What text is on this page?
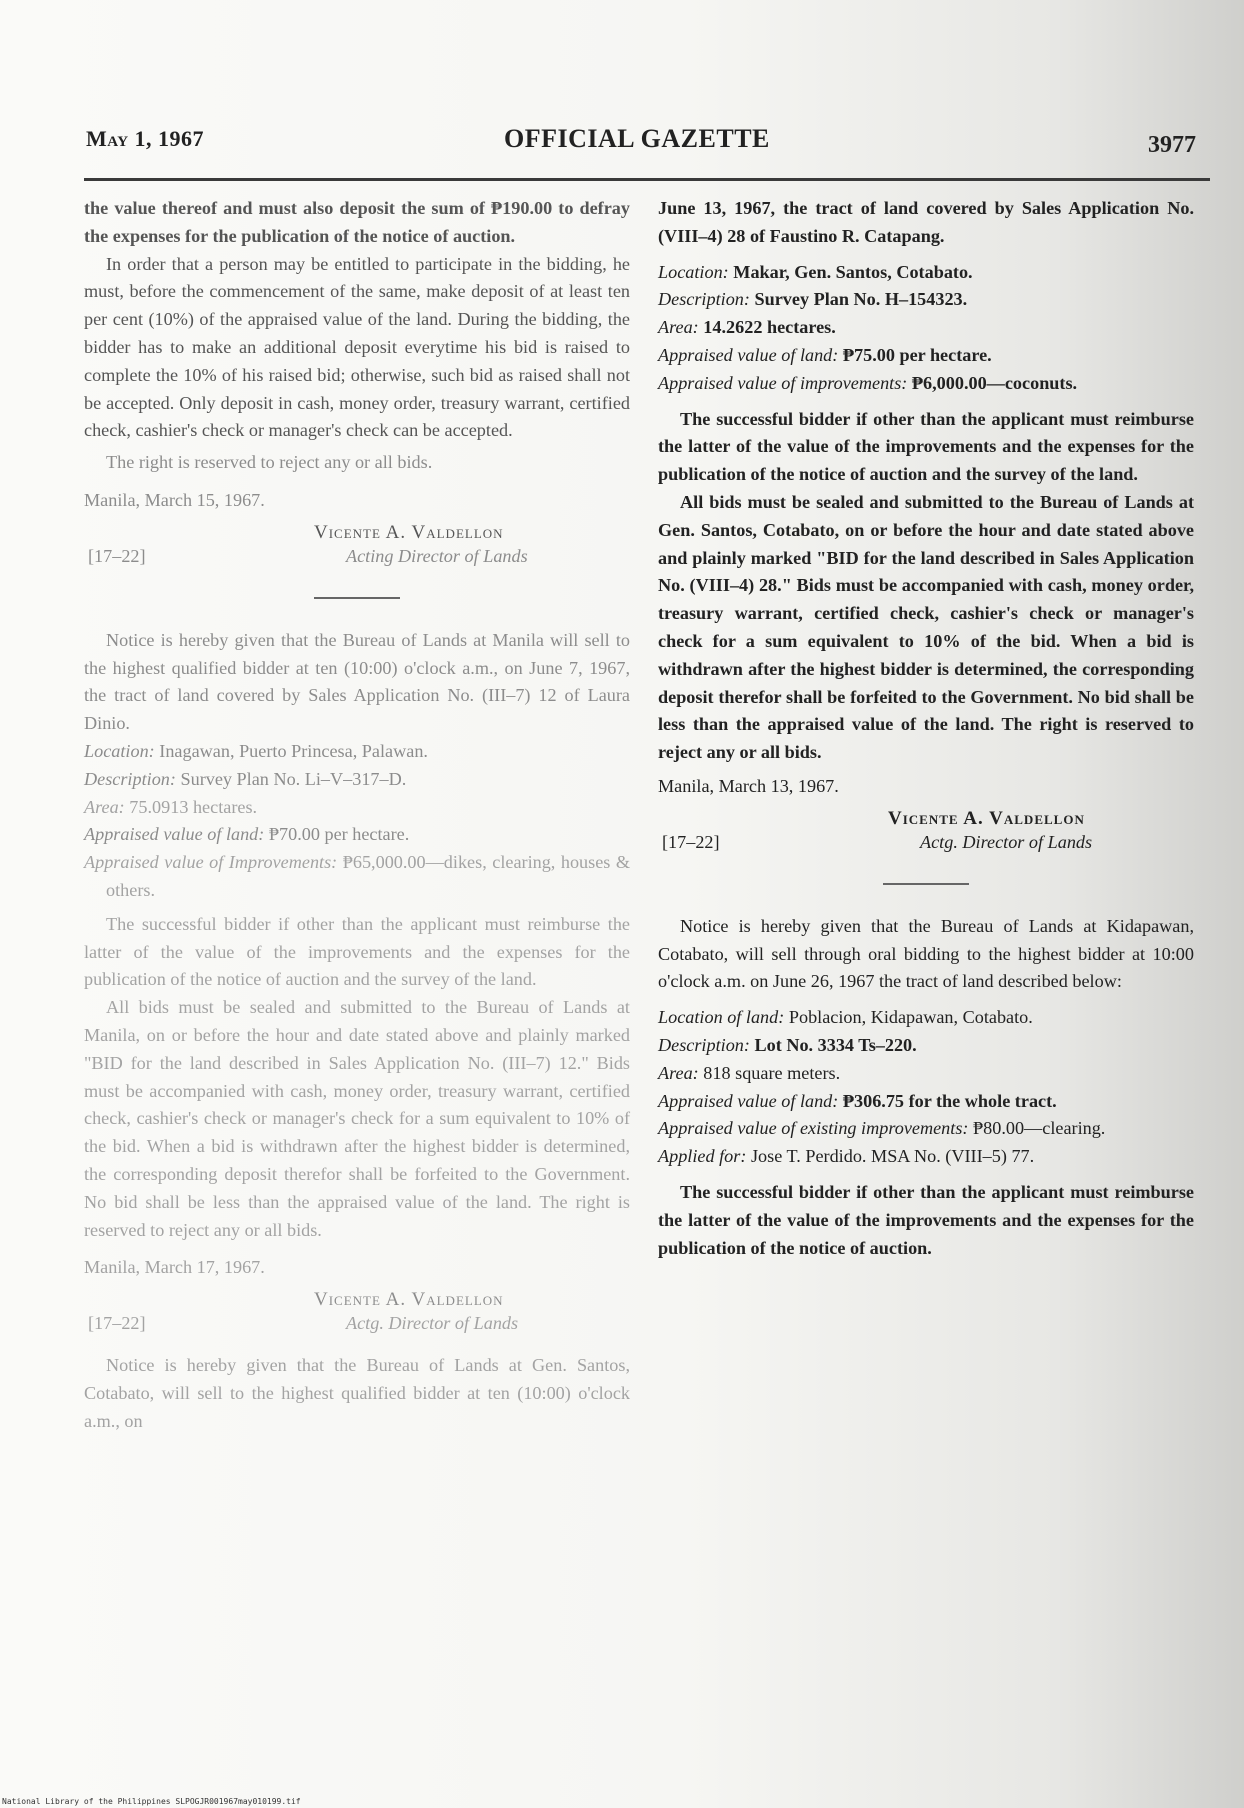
May 1, 1967	OFFICIAL GAZETTE	3977

the value thereof and must also deposit the sum of ₱190.00 to defray the expenses for the publication of the notice of auction.

In order that a person may be entitled to participate in the bidding, he must, before the commencement of the same, make deposit of at least ten per cent (10%) of the appraised value of the land. During the bidding, the bidder has to make an additional deposit everytime his bid is raised to complete the 10% of his raised bid; otherwise, such bid as raised shall not be accepted. Only deposit in cash, money order, treasury warrant, certified check, cashier's check or manager's check can be accepted.

The right is reserved to reject any or all bids.

Manila, March 15, 1967.

Vicente A. Valdellon
[17–22]	Acting Director of Lands

Notice is hereby given that the Bureau of Lands at Manila will sell to the highest qualified bidder at ten (10:00) o'clock a.m., on June 7, 1967, the tract of land covered by Sales Application No. (III–7) 12 of Laura Dinio.

Location: Inagawan, Puerto Princesa, Palawan.

Description: Survey Plan No. Li–V–317–D.

Area: 75.0913 hectares.

Appraised value of land: ₱70.00 per hectare.

Appraised value of Improvements: ₱65,000.00—dikes, clearing, houses & others.

The successful bidder if other than the applicant must reimburse the latter of the value of the improvements and the expenses for the publication of the notice of auction and the survey of the land.

All bids must be sealed and submitted to the Bureau of Lands at Manila, on or before the hour and date stated above and plainly marked "BID for the land described in Sales Application No. (III–7) 12." Bids must be accompanied with cash, money order, treasury warrant, certified check, cashier's check or manager's check for a sum equivalent to 10% of the bid. When a bid is withdrawn after the highest bidder is determined, the corresponding deposit therefor shall be forfeited to the Government. No bid shall be less than the appraised value of the land. The right is reserved to reject any or all bids.

Manila, March 17, 1967.

Vicente A. Valdellon
[17–22]	Actg. Director of Lands

Notice is hereby given that the Bureau of Lands at Gen. Santos, Cotabato, will sell to the highest qualified bidder at ten (10:00) o'clock a.m., on

June 13, 1967, the tract of land covered by Sales Application No. (VIII–4) 28 of Faustino R. Catapang.

Location: Makar, Gen. Santos, Cotabato.

Description: Survey Plan No. H–154323.

Area: 14.2622 hectares.

Appraised value of land: ₱75.00 per hectare.

Appraised value of improvements: ₱6,000.00—coconuts.

The successful bidder if other than the applicant must reimburse the latter of the value of the improvements and the expenses for the publication of the notice of auction and the survey of the land.

All bids must be sealed and submitted to the Bureau of Lands at Gen. Santos, Cotabato, on or before the hour and date stated above and plainly marked "BID for the land described in Sales Application No. (VIII–4) 28." Bids must be accompanied with cash, money order, treasury warrant, certified check, cashier's check or manager's check for a sum equivalent to 10% of the bid. When a bid is withdrawn after the highest bidder is determined, the corresponding deposit therefor shall be forfeited to the Government. No bid shall be less than the appraised value of the land. The right is reserved to reject any or all bids.

Manila, March 13, 1967.

Vicente A. Valdellon
[17–22]	Actg. Director of Lands

Notice is hereby given that the Bureau of Lands at Kidapawan, Cotabato, will sell through oral bidding to the highest bidder at 10:00 o'clock a.m. on June 26, 1967 the tract of land described below:

Location of land: Poblacion, Kidapawan, Cotabato.

Description: Lot No. 3334 Ts–220.

Area: 818 square meters.

Appraised value of land: ₱306.75 for the whole tract.

Appraised value of existing improvements: ₱80.00—clearing.

Applied for: Jose T. Perdido. MSA No. (VIII–5) 77.

The successful bidder if other than the applicant must reimburse the latter of the value of the improvements and the expenses for the publication of the notice of auction.

National Library of the Philippines SLPOGJR001967may010199.tif
